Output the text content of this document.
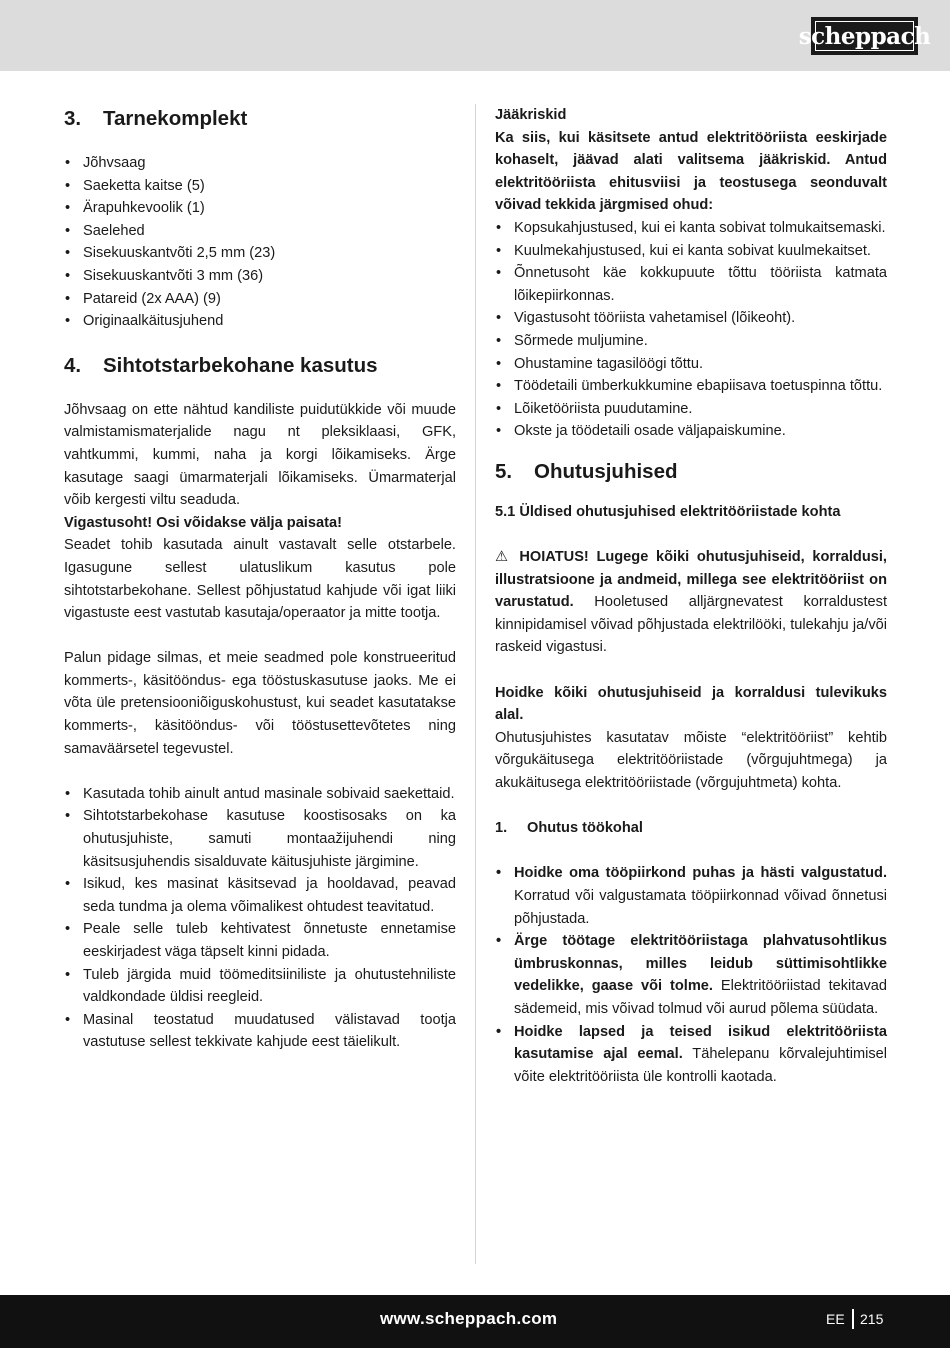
scheppach
3.	Tarnekomplekt
• Jõhvsaag
• Saeketta kaitse (5)
• Ärapuhkevoolik (1)
• Saelehed
• Sisekuuskantvõti 2,5 mm (23)
• Sisekuuskantvõti 3 mm (36)
• Patareid (2x AAA) (9)
• Originaalkäitusjuhend
4.	Sihtotstarbekohane kasutus

Jõhvsaag on ette nähtud kandiliste puidutükkide või muude valmistamismaterjalide nagu nt pleksiklaasi, GFK, vahtkummi, kummi, naha ja korgi lõikamiseks. Ärge kasutage saagi ümarmaterjali lõikamiseks. Ümarmaterjal võib kergesti viltu seaduda.

Vigastusoht! Osi võidakse välja paisata!

Seadet tohib kasutada ainult vastavalt selle otstarbele. Igasugune sellest ulatuslikum kasutus pole sihtotstarbekohane. Sellest põhjustatud kahjude või igat liiki vigastuste eest vastutab kasutaja/operaator ja mitte tootja.

Palun pidage silmas, et meie seadmed pole konstrueeritud kommerts-, käsitööndus- ega tööstuskasutuse jaoks. Me ei võta üle pretensiooniõiguskohustust, kui seadet kasutatakse kommerts-, käsitööndus- või tööstusettevõtetes ning samaväärsetel tegevustel.

• Kasutada tohib ainult antud masinale sobivaid saekettaid.
• Sihtotstarbekohase kasutuse koostisosaks on ka ohutusjuhiste, samuti montaažijuhendi ning käsitsusjuhendis sisalduvate käitusjuhiste järgimine.
• Isikud, kes masinat käsitsevad ja hooldavad, peavad seda tundma ja olema võimalikest ohtudest teavitatud.
• Peale selle tuleb kehtivatest õnnetuste ennetamise eeskirjadest väga täpselt kinni pidada.
• Tuleb järgida muid töömeditsiiniliste ja ohutustehniliste valdkondade üldisi reegleid.
• Masinal teostatud muudatused välistavad tootja vastutuse sellest tekkivate kahjude eest täielikult.
Jääkriskid

Ka siis, kui käsitsete antud elektritööriista eeskirjade kohaselt, jäävad alati valitsema jääkriskid. Antud elektritööriista ehitusviisi ja teostusega seonduvalt võivad tekkida järgmised ohud:

• Kopsukahjustused, kui ei kanta sobivat tolmukaitsemaski.
• Kuulmekahjustused, kui ei kanta sobivat kuulmekaitset.
• Õnnetusoht käe kokkupuute tõttu tööriista katmata lõikepiirkonnas.
• Vigastusoht tööriista vahetamisel (lõikeoht).
• Sõrmede muljumine.
• Ohustamine tagasilöögi tõttu.
• Töödetaili ümberkukkumine ebapiisava toetuspinna tõttu.
• Lõiketööriista puudutamine.
• Okste ja töödetaili osade väljapaiskumine.
5.	Ohutusjuhised
5.1 Üldised ohutusjuhised elektritööriistade kohta

⚠ HOIATUS! Lugege kõiki ohutusjuhiseid, korraldusi, illustratsioone ja andmeid, millega see elektritööriist on varustatud. Hooletused alljärgnevatest korraldustest kinnipidamisel võivad põhjustada elektrilööki, tulekahju ja/või raskeid vigastusi.

Hoidke kõiki ohutusjuhiseid ja korraldusi tulevikuks alal.

Ohutusjuhistes kasutatav mõiste “elektritööriist” kehtib võrgukäitusega elektritööriistade (võrgujuhtmega) ja akukäitusega elektritööriistade (võrgujuhtmeta) kohta.

1.	Ohutus töökohal
• Hoidke oma tööpiirkond puhas ja hästi valgustatud. Korratud või valgustamata tööpiirkonnad võivad õnnetusi põhjustada.
• Ärge töötage elektritööriistaga plahvatusohtlikus ümbruskonnas, milles leidub süttimisohtlikke vedelikke, gaase või tolme. Elektritööriistad tekitavad sädemeid, mis võivad tolmud või aurud põlema süüdata.
• Hoidke lapsed ja teised isikud elektritööriista kasutamise ajal eemal. Tähelepanu kõrvalejuhtimisel võite elektritööriista üle kontrolli kaotada.
www.scheppach.com	EE 215
